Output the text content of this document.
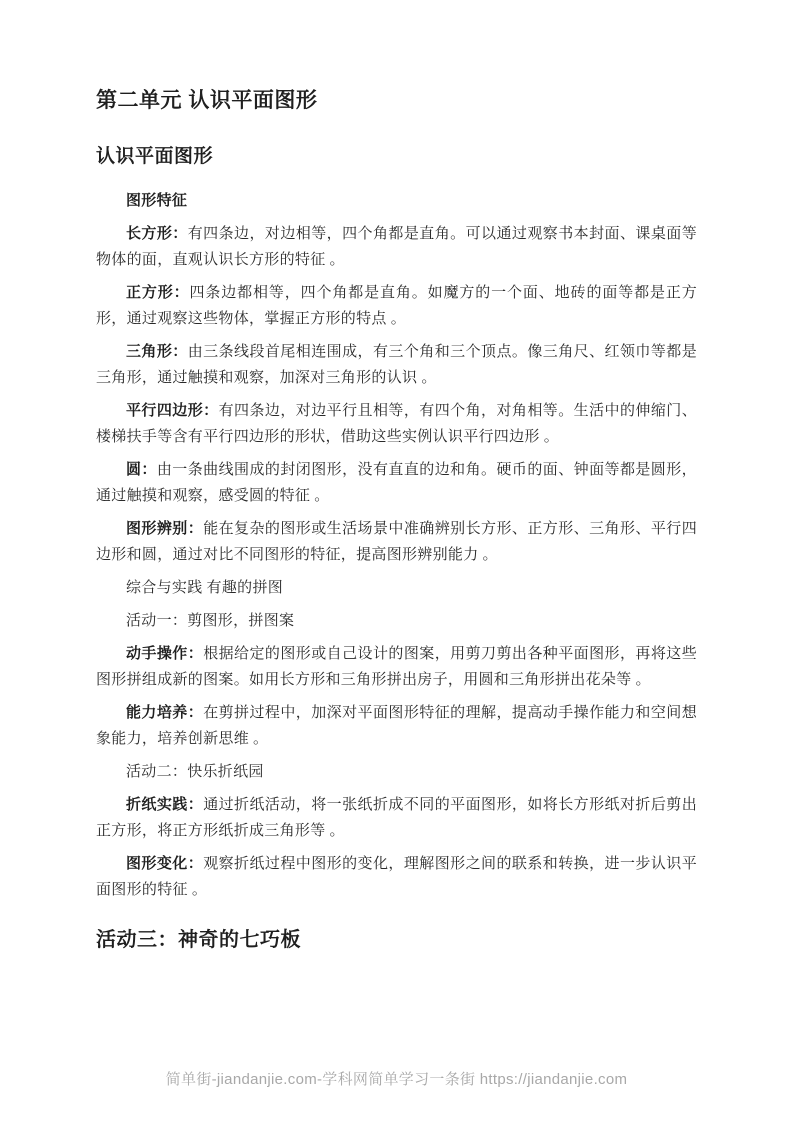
第二单元 认识平面图形
认识平面图形

图形特征

长方形：有四条边，对边相等，四个角都是直角。可以通过观察书本封面、课桌面等物体的面，直观认识长方形的特征 。

正方形：四条边都相等，四个角都是直角。如魔方的一个面、地砖的面等都是正方形，通过观察这些物体，掌握正方形的特点 。

三角形：由三条线段首尾相连围成，有三个角和三个顶点。像三角尺、红领巾等都是三角形，通过触摸和观察，加深对三角形的认识 。

平行四边形：有四条边，对边平行且相等，有四个角，对角相等。生活中的伸缩门、楼梯扶手等含有平行四边形的形状，借助这些实例认识平行四边形 。

圆：由一条曲线围成的封闭图形，没有直直的边和角。硬币的面、钟面等都是圆形，通过触摸和观察，感受圆的特征 。

图形辨别：能在复杂的图形或生活场景中准确辨别长方形、正方形、三角形、平行四边形和圆，通过对比不同图形的特征，提高图形辨别能力 。

综合与实践 有趣的拼图

活动一：剪图形，拼图案

动手操作：根据给定的图形或自己设计的图案，用剪刀剪出各种平面图形，再将这些图形拼组成新的图案。如用长方形和三角形拼出房子，用圆和三角形拼出花朵等 。

能力培养：在剪拼过程中，加深对平面图形特征的理解，提高动手操作能力和空间想象能力，培养创新思维 。

活动二：快乐折纸园

折纸实践：通过折纸活动，将一张纸折成不同的平面图形，如将长方形纸对折后剪出正方形，将正方形纸折成三角形等 。

图形变化：观察折纸过程中图形的变化，理解图形之间的联系和转换，进一步认识平面图形的特征 。

活动三：神奇的七巧板
简单街-jiandanjie.com-学科网简单学习一条街 https://jiandanjie.com
